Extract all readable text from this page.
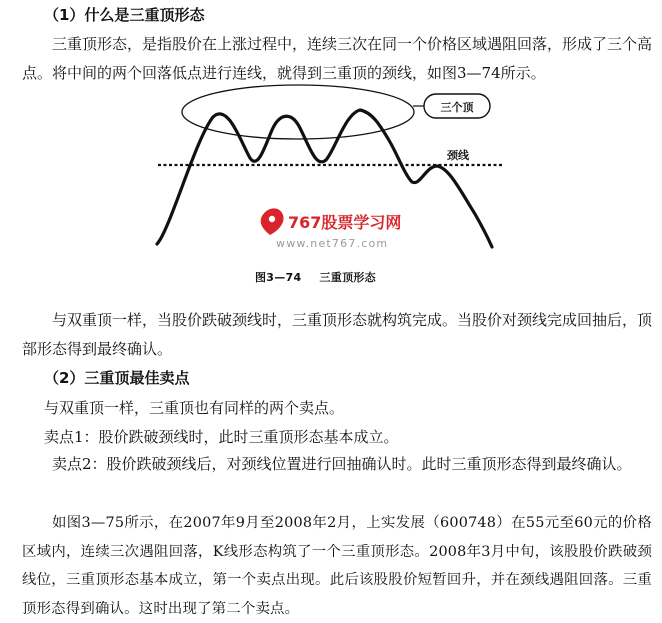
（1）什么是三重顶形态
三重顶形态，是指股价在上涨过程中，连续三次在同一个价格区域遇阻回落，形成了三个高点。将中间的两个回落低点进行连线，就得到三重顶的颈线，如图3—74所示。
三个顶
颈线
767股票学习网
www.net767.com
图3—74 三重顶形态
与双重顶一样，当股价跌破颈线时，三重顶形态就构筑完成。当股价对颈线完成回抽后，顶部形态得到最终确认。
（2）三重顶最佳卖点
与双重顶一样，三重顶也有同样的两个卖点。
卖点1：股价跌破颈线时，此时三重顶形态基本成立。
卖点2：股价跌破颈线后，对颈线位置进行回抽确认时。此时三重顶形态得到最终确认。
如图3—75所示，在2007年9月至2008年2月，上实发展（600748）在55元至60元的价格区域内，连续三次遇阻回落，K线形态构筑了一个三重顶形态。2008年3月中旬，该股股价跌破颈线位，三重顶形态基本成立，第一个卖点出现。此后该股股价短暂回升，并在颈线遇阻回落。三重顶形态得到确认。这时出现了第二个卖点。
